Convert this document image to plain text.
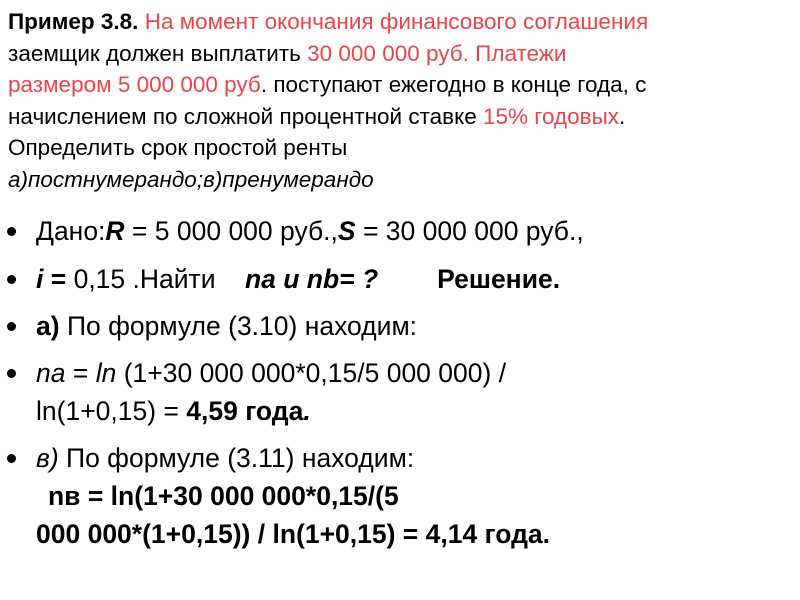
Пример 3.8. На момент окончания финансового соглашения
заемщик должен выплатить 30 000 000 руб. Платежи
размером 5 000 000 руб. поступают ежегодно в конце года, с
начислением по сложной процентной ставке 15% годовых.
Определить срок простой ренты
а)постнумерандо;в)пренумерандо
Дано:R = 5 000 000 руб.,S = 30 000 000 руб.,
i = 0,15 .Найти    na и nb= ?        Решение.
а) По формуле (3.10) находим:
na = ln (1+30 000 000*0,15/5 000 000) /
ln(1+0,15) = 4,59 года.
в) По формуле (3.11) находим:
nв = ln(1+30 000 000*0,15/(5
000 000*(1+0,15)) / ln(1+0,15) = 4,14 года.
